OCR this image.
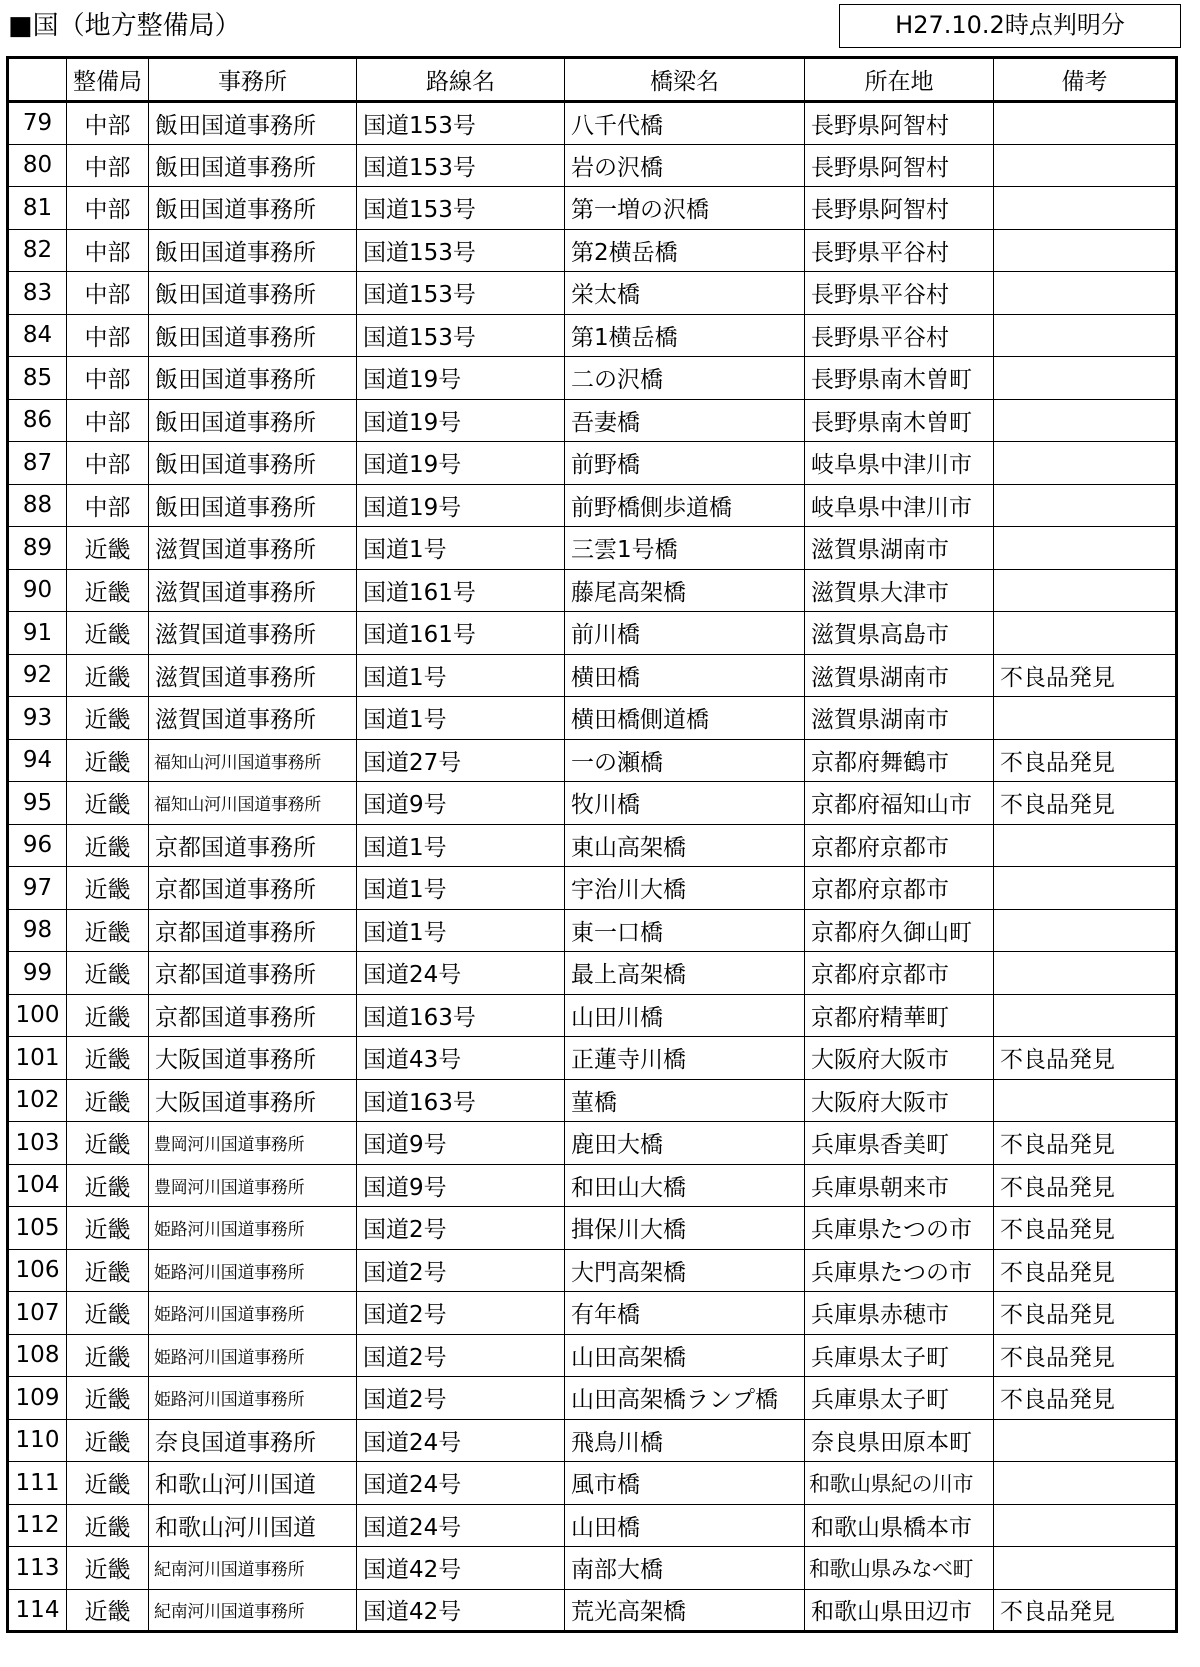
■国（地方整備局）	H27.10.2時点判明分
	整備局	事務所	路線名	橋梁名	所在地	備考
79	中部	飯田国道事務所	国道153号	八千代橋	長野県阿智村	
80	中部	飯田国道事務所	国道153号	岩の沢橋	長野県阿智村	
81	中部	飯田国道事務所	国道153号	第一増の沢橋	長野県阿智村	
82	中部	飯田国道事務所	国道153号	第2横岳橋	長野県平谷村	
83	中部	飯田国道事務所	国道153号	栄太橋	長野県平谷村	
84	中部	飯田国道事務所	国道153号	第1横岳橋	長野県平谷村	
85	中部	飯田国道事務所	国道19号	二の沢橋	長野県南木曽町	
86	中部	飯田国道事務所	国道19号	吾妻橋	長野県南木曽町	
87	中部	飯田国道事務所	国道19号	前野橋	岐阜県中津川市	
88	中部	飯田国道事務所	国道19号	前野橋側歩道橋	岐阜県中津川市	
89	近畿	滋賀国道事務所	国道1号	三雲1号橋	滋賀県湖南市	
90	近畿	滋賀国道事務所	国道161号	藤尾高架橋	滋賀県大津市	
91	近畿	滋賀国道事務所	国道161号	前川橋	滋賀県高島市	
92	近畿	滋賀国道事務所	国道1号	横田橋	滋賀県湖南市	不良品発見
93	近畿	滋賀国道事務所	国道1号	横田橋側道橋	滋賀県湖南市	
94	近畿	福知山河川国道事務所	国道27号	一の瀬橋	京都府舞鶴市	不良品発見
95	近畿	福知山河川国道事務所	国道9号	牧川橋	京都府福知山市	不良品発見
96	近畿	京都国道事務所	国道1号	東山高架橋	京都府京都市	
97	近畿	京都国道事務所	国道1号	宇治川大橋	京都府京都市	
98	近畿	京都国道事務所	国道1号	東一口橋	京都府久御山町	
99	近畿	京都国道事務所	国道24号	最上高架橋	京都府京都市	
100	近畿	京都国道事務所	国道163号	山田川橋	京都府精華町	
101	近畿	大阪国道事務所	国道43号	正蓮寺川橋	大阪府大阪市	不良品発見
102	近畿	大阪国道事務所	国道163号	菫橋	大阪府大阪市	
103	近畿	豊岡河川国道事務所	国道9号	鹿田大橋	兵庫県香美町	不良品発見
104	近畿	豊岡河川国道事務所	国道9号	和田山大橋	兵庫県朝来市	不良品発見
105	近畿	姫路河川国道事務所	国道2号	揖保川大橋	兵庫県たつの市	不良品発見
106	近畿	姫路河川国道事務所	国道2号	大門高架橋	兵庫県たつの市	不良品発見
107	近畿	姫路河川国道事務所	国道2号	有年橋	兵庫県赤穂市	不良品発見
108	近畿	姫路河川国道事務所	国道2号	山田高架橋	兵庫県太子町	不良品発見
109	近畿	姫路河川国道事務所	国道2号	山田高架橋ランプ橋	兵庫県太子町	不良品発見
110	近畿	奈良国道事務所	国道24号	飛鳥川橋	奈良県田原本町	
111	近畿	和歌山河川国道	国道24号	風市橋	和歌山県紀の川市	
112	近畿	和歌山河川国道	国道24号	山田橋	和歌山県橋本市	
113	近畿	紀南河川国道事務所	国道42号	南部大橋	和歌山県みなべ町	
114	近畿	紀南河川国道事務所	国道42号	荒光高架橋	和歌山県田辺市	不良品発見
